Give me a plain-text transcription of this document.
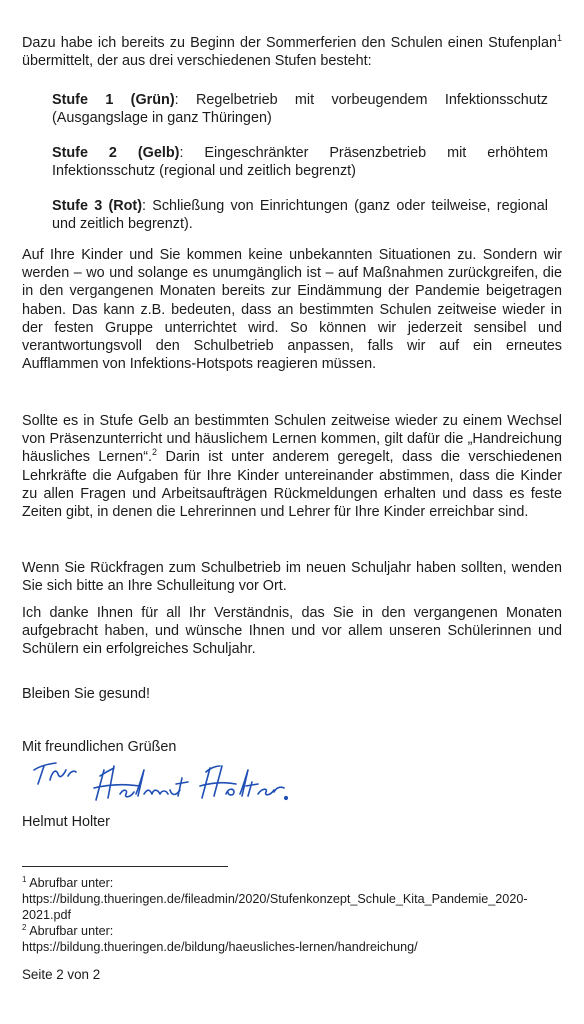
Dazu habe ich bereits zu Beginn der Sommerferien den Schulen einen Stufenplan$^1$ übermittelt, der aus drei verschiedenen Stufen besteht:

Stufe 1 (Grün): Regelbetrieb mit vorbeugendem Infektionsschutz (Ausgangslage in ganz Thüringen)

Stufe 2 (Gelb): Eingeschränkter Präsenzbetrieb mit erhöhtem Infektionsschutz (regional und zeitlich begrenzt)

Stufe 3 (Rot): Schließung von Einrichtungen (ganz oder teilweise, regional und zeitlich begrenzt).

Auf Ihre Kinder und Sie kommen keine unbekannten Situationen zu. Sondern wir werden – wo und solange es unumgänglich ist – auf Maßnahmen zurückgreifen, die in den vergangenen Monaten bereits zur Eindämmung der Pandemie beigetragen haben. Das kann z.B. bedeuten, dass an bestimmten Schulen zeitweise wieder in der festen Gruppe unterrichtet wird. So können wir jederzeit sensibel und verantwortungsvoll den Schulbetrieb anpassen, falls wir auf ein erneutes Aufflammen von Infektions-Hotspots reagieren müssen.

Sollte es in Stufe Gelb an bestimmten Schulen zeitweise wieder zu einem Wechsel von Präsenzunterricht und häuslichem Lernen kommen, gilt dafür die „Handreichung häusliches Lernen“.$^2$ Darin ist unter anderem geregelt, dass die verschiedenen Lehrkräfte die Aufgaben für Ihre Kinder untereinander abstimmen, dass die Kinder zu allen Fragen und Arbeitsaufträgen Rückmeldungen erhalten und dass es feste Zeiten gibt, in denen die Lehrerinnen und Lehrer für Ihre Kinder erreichbar sind.

Wenn Sie Rückfragen zum Schulbetrieb im neuen Schuljahr haben sollten, wenden Sie sich bitte an Ihre Schulleitung vor Ort.

Ich danke Ihnen für all Ihr Verständnis, das Sie in den vergangenen Monaten aufgebracht haben, und wünsche Ihnen und vor allem unseren Schülerinnen und Schülern ein erfolgreiches Schuljahr.

Bleiben Sie gesund!

Mit freundlichen Grüßen

Helmut Holter

$^1$ Abrufbar unter:
https://bildung.thueringen.de/fileadmin/2020/Stufenkonzept_Schule_Kita_Pandemie_2020-2021.pdf
$^2$ Abrufbar unter:
https://bildung.thueringen.de/bildung/haeusliches-lernen/handreichung/
Seite 2 von 2
